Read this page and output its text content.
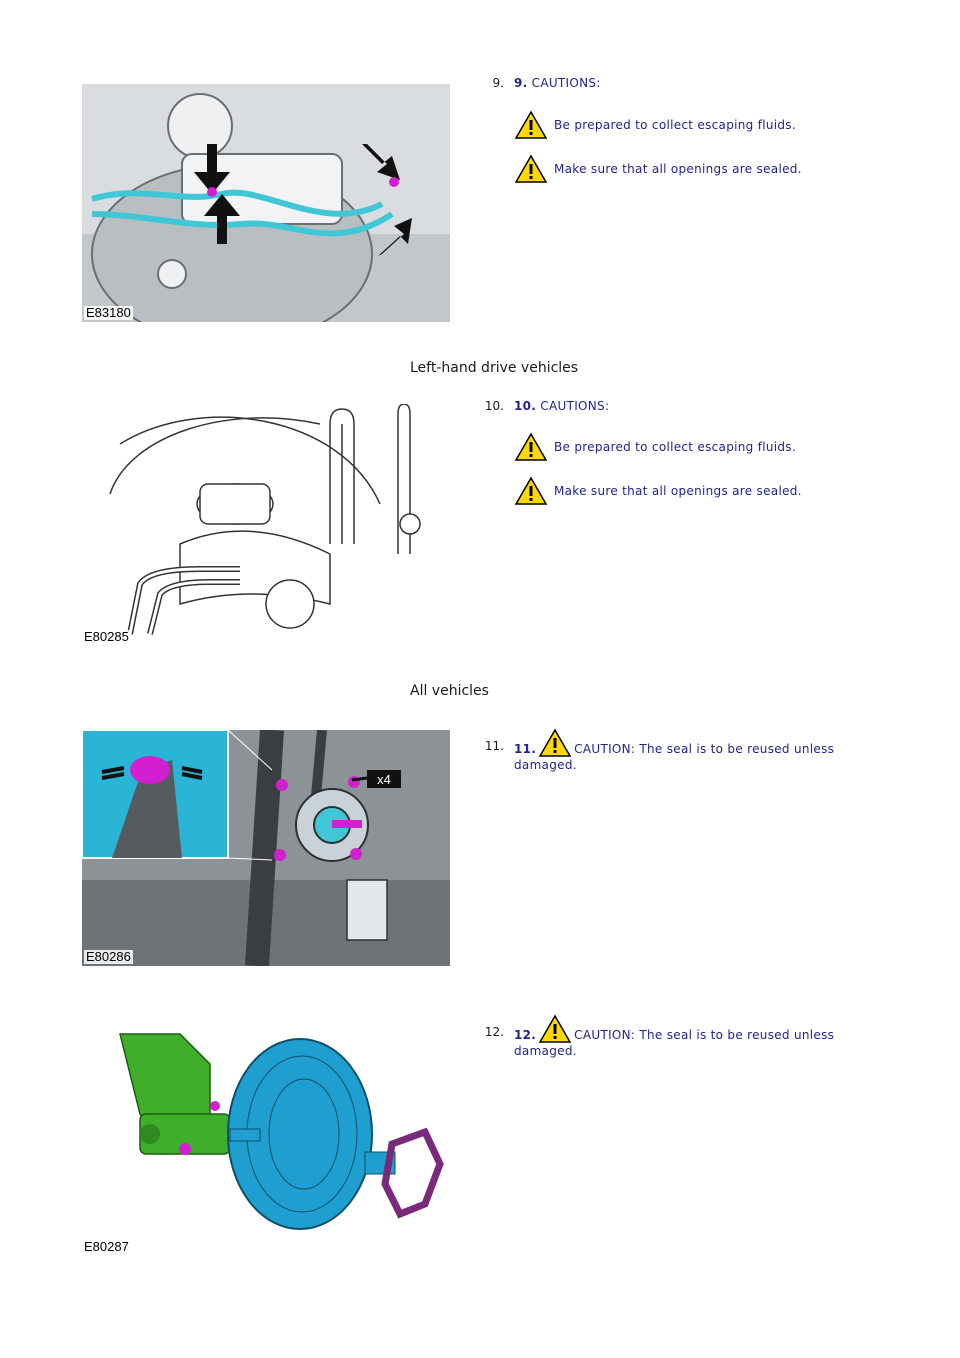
E83180
9. 9. CAUTIONS:
Be prepared to collect escaping fluids.
Make sure that all openings are sealed.
Left-hand drive vehicles
E80285
10. 10. CAUTIONS:
Be prepared to collect escaping fluids.
Make sure that all openings are sealed.
All vehicles
x4
E80286
11. 11.	CAUTION: The seal is to be reused unless
damaged.
E80287
12. 12.	CAUTION: The seal is to be reused unless
damaged.
